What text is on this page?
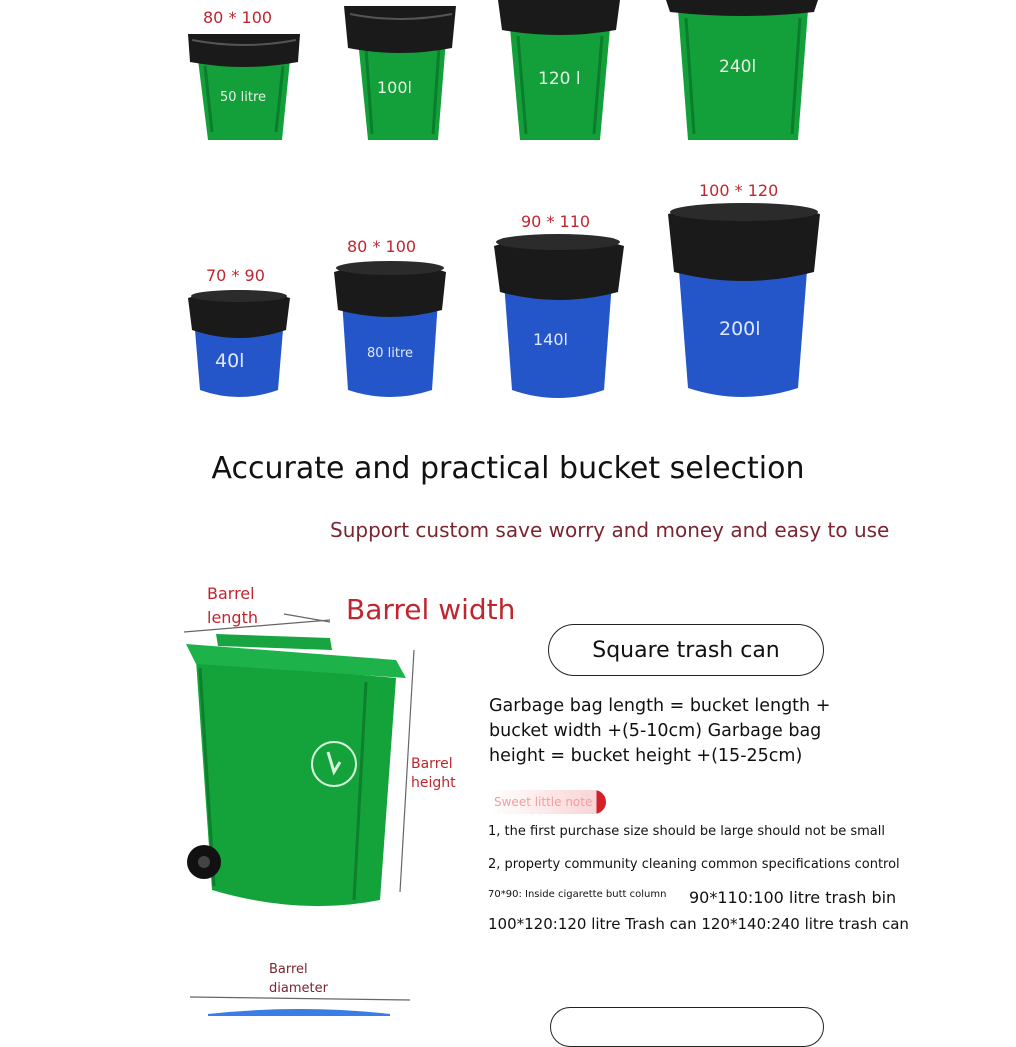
80 * 100
70 * 90
80 * 100
90 * 110
100 * 120
50 litre
100l	120 l
240l
40l	80 litre
140l	200l
Accurate and practical bucket selection
Support custom save worry and money and easy to use
Barrel length	Barrel width
Barrel height
Square trash can
Garbage bag length = bucket length + bucket width +(5-10cm) Garbage bag height = bucket height +(15-25cm)
Sweet little note
1, the first purchase size should be large should not be small
2, property community cleaning common specifications control
70*90: Inside cigarette butt column 90*110:100 litre trash bin
100*120:120 litre Trash can 120*140:240 litre trash can
Barrel diameter
